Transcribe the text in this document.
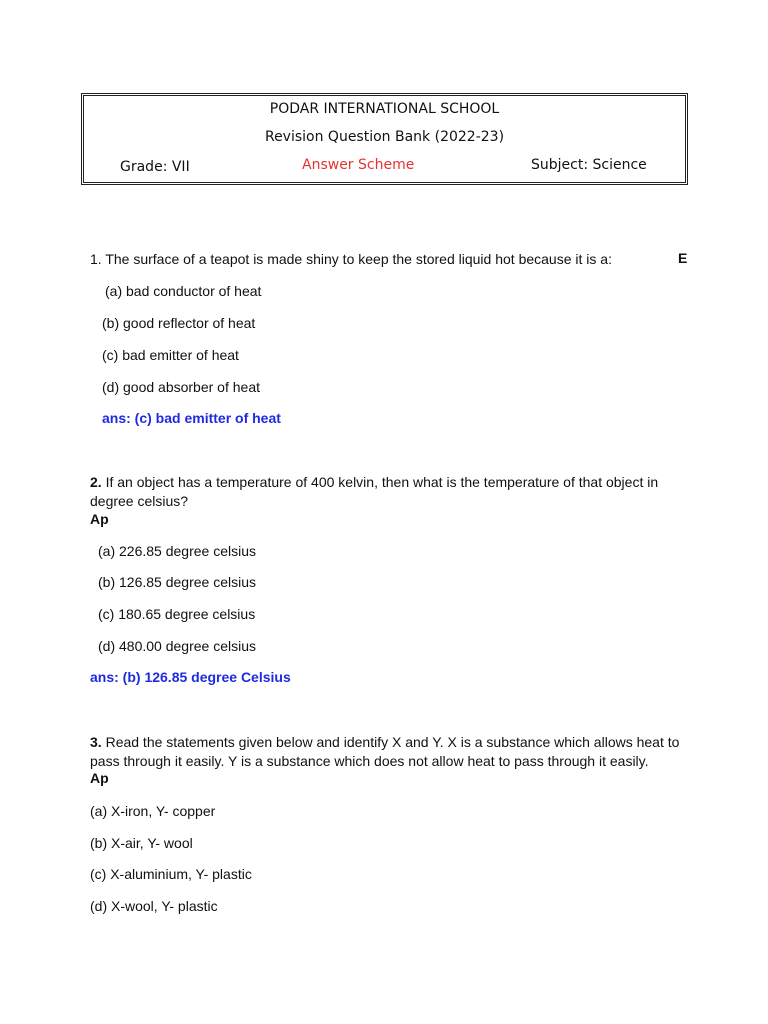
PODAR INTERNATIONAL SCHOOL
Revision Question Bank (2022-23)
Grade: VII	Answer Scheme	Subject: Science
1. The surface of a teapot is made shiny to keep the stored liquid hot because it is a:	E
(a) bad conductor of heat
(b) good reflector of heat
(c) bad emitter of heat
(d) good absorber of heat
ans: (c) bad emitter of heat
2. If an object has a temperature of 400 kelvin, then what is the temperature of that object in
degree celsius?
Ap
(a) 226.85 degree celsius
(b) 126.85 degree celsius
(c) 180.65 degree celsius
(d) 480.00 degree celsius
ans: (b) 126.85 degree Celsius
3. Read the statements given below and identify X and Y. X is a substance which allows heat to
pass through it easily. Y is a substance which does not allow heat to pass through it easily.
Ap
(a) X-iron, Y- copper
(b) X-air, Y- wool
(c) X-aluminium, Y- plastic
(d) X-wool, Y- plastic
